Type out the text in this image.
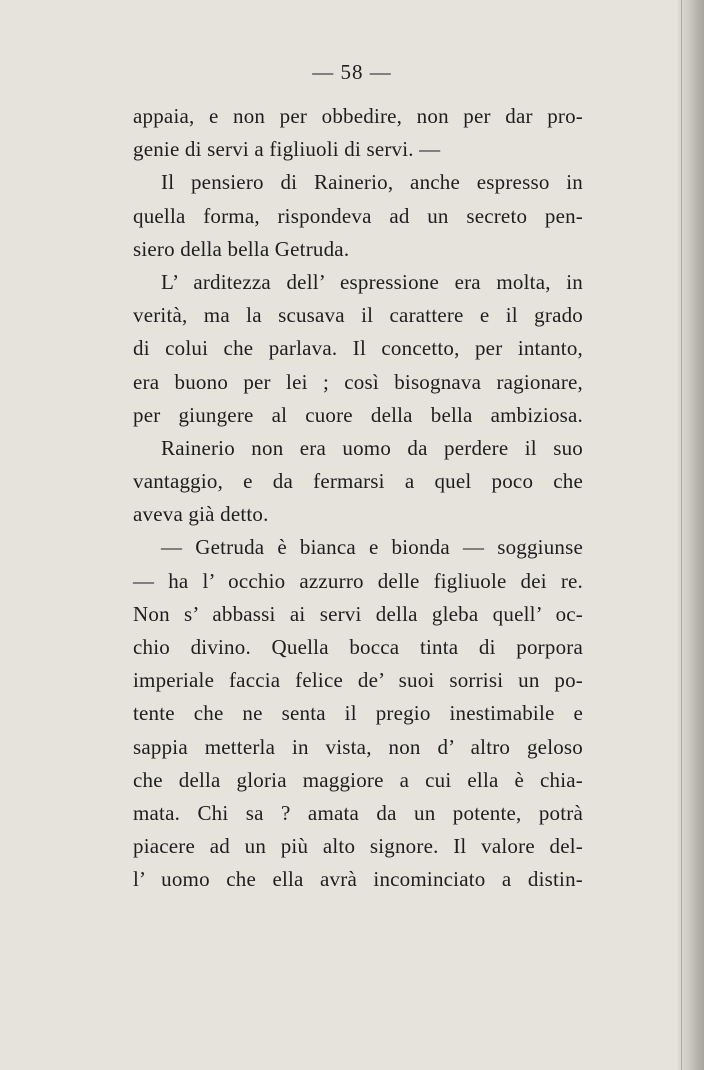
— 58 —
appaia, e non per obbedire, non per dar pro-
genie di servi a figliuoli di servi. —
Il pensiero di Rainerio, anche espresso in
quella forma, rispondeva ad un secreto pen-
siero della bella Getruda.
L’ arditezza dell’ espressione era molta, in
verità, ma la scusava il carattere e il grado
di colui che parlava. Il concetto, per intanto,
era buono per lei ; così bisognava ragionare,
per giungere al cuore della bella ambiziosa.
Rainerio non era uomo da perdere il suo
vantaggio, e da fermarsi a quel poco che
aveva già detto.
— Getruda è bianca e bionda — soggiunse
— ha l’ occhio azzurro delle figliuole dei re.
Non s’ abbassi ai servi della gleba quell’ oc-
chio divino. Quella bocca tinta di porpora
imperiale faccia felice de’ suoi sorrisi un po-
tente che ne senta il pregio inestimabile e
sappia metterla in vista, non d’ altro geloso
che della gloria maggiore a cui ella è chia-
mata. Chi sa ? amata da un potente, potrà
piacere ad un più alto signore. Il valore del-
l’ uomo che ella avrà incominciato a distin-
